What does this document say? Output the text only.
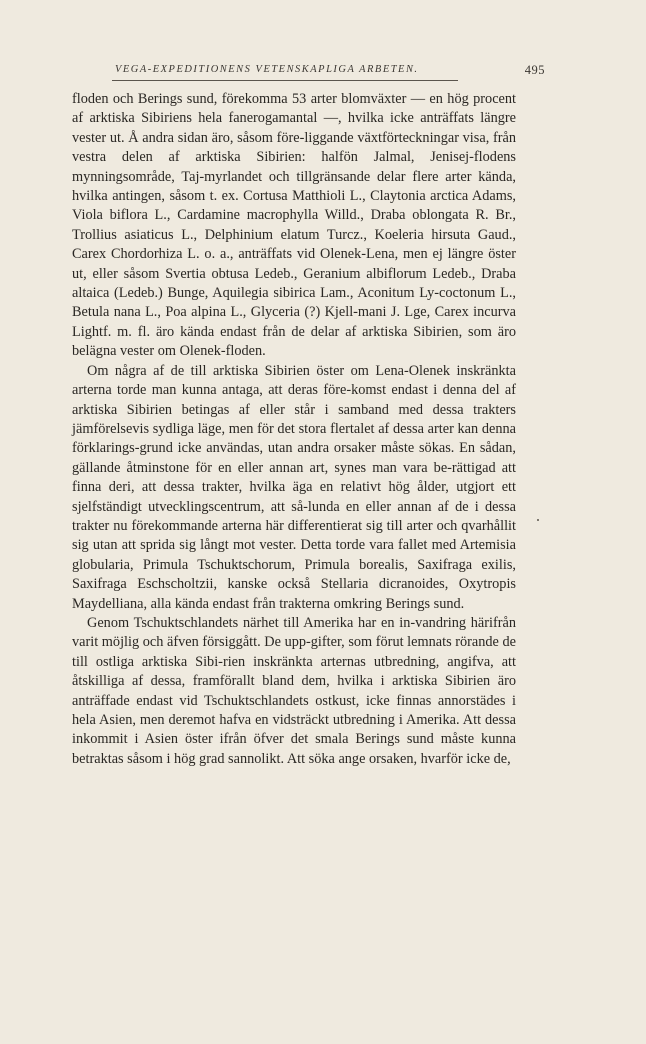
VEGA-EXPEDITIONENS VETENSKAPLIGA ARBETEN.	495

floden och Berings sund, förekomma 53 arter blomväxter — en hög procent af arktiska Sibiriens hela fanerogamantal —, hvilka icke anträffats längre vester ut. Å andra sidan äro, såsom före-liggande växtförteckningar visa, från vestra delen af arktiska Sibirien: halfön Jalmal, Jenisej-flodens mynningsområde, Taj-myrlandet och tillgränsande delar flere arter kända, hvilka antingen, såsom t. ex. Cortusa Matthioli L., Claytonia arctica Adams, Viola biflora L., Cardamine macrophylla Willd., Draba oblongata R. Br., Trollius asiaticus L., Delphinium elatum Turcz., Koeleria hirsuta Gaud., Carex Chordorhiza L. o. a., anträffats vid Olenek-Lena, men ej längre öster ut, eller såsom Svertia obtusa Ledeb., Geranium albiflorum Ledeb., Draba altaica (Ledeb.) Bunge, Aquilegia sibirica Lam., Aconitum Ly-coctonum L., Betula nana L., Poa alpina L., Glyceria (?) Kjell-mani J. Lge, Carex incurva Lightf. m. fl. äro kända endast från de delar af arktiska Sibirien, som äro belägna vester om Olenek-floden.

Om några af de till arktiska Sibirien öster om Lena-Olenek inskränkta arterna torde man kunna antaga, att deras före-komst endast i denna del af arktiska Sibirien betingas af eller står i samband med dessa trakters jämförelsevis sydliga läge, men för det stora flertalet af dessa arter kan denna förklarings-grund icke användas, utan andra orsaker måste sökas. En sådan, gällande åtminstone för en eller annan art, synes man vara be-rättigad att finna deri, att dessa trakter, hvilka äga en relativt hög ålder, utgjort ett sjelfständigt utvecklingscentrum, att så-lunda en eller annan af de i dessa trakter nu förekommande arterna här differentierat sig till arter och qvarhållit sig utan att sprida sig långt mot vester. Detta torde vara fallet med Artemisia globularia, Primula Tschuktschorum, Primula borealis, Saxifraga exilis, Saxifraga Eschscholtzii, kanske också Stellaria dicranoides, Oxytropis Maydelliana, alla kända endast från trakterna omkring Berings sund.

Genom Tschuktschlandets närhet till Amerika har en in-vandring härifrån varit möjlig och äfven försiggått. De upp-gifter, som förut lemnats rörande de till ostliga arktiska Sibi-rien inskränkta arternas utbredning, angifva, att åtskilliga af dessa, framförallt bland dem, hvilka i arktiska Sibirien äro anträffade endast vid Tschuktschlandets ostkust, icke finnas annorstädes i hela Asien, men deremot hafva en vidsträckt utbredning i Amerika. Att dessa inkommit i Asien öster ifrån öfver det smala Berings sund måste kunna betraktas såsom i hög grad sannolikt. Att söka ange orsaken, hvarför icke de,
